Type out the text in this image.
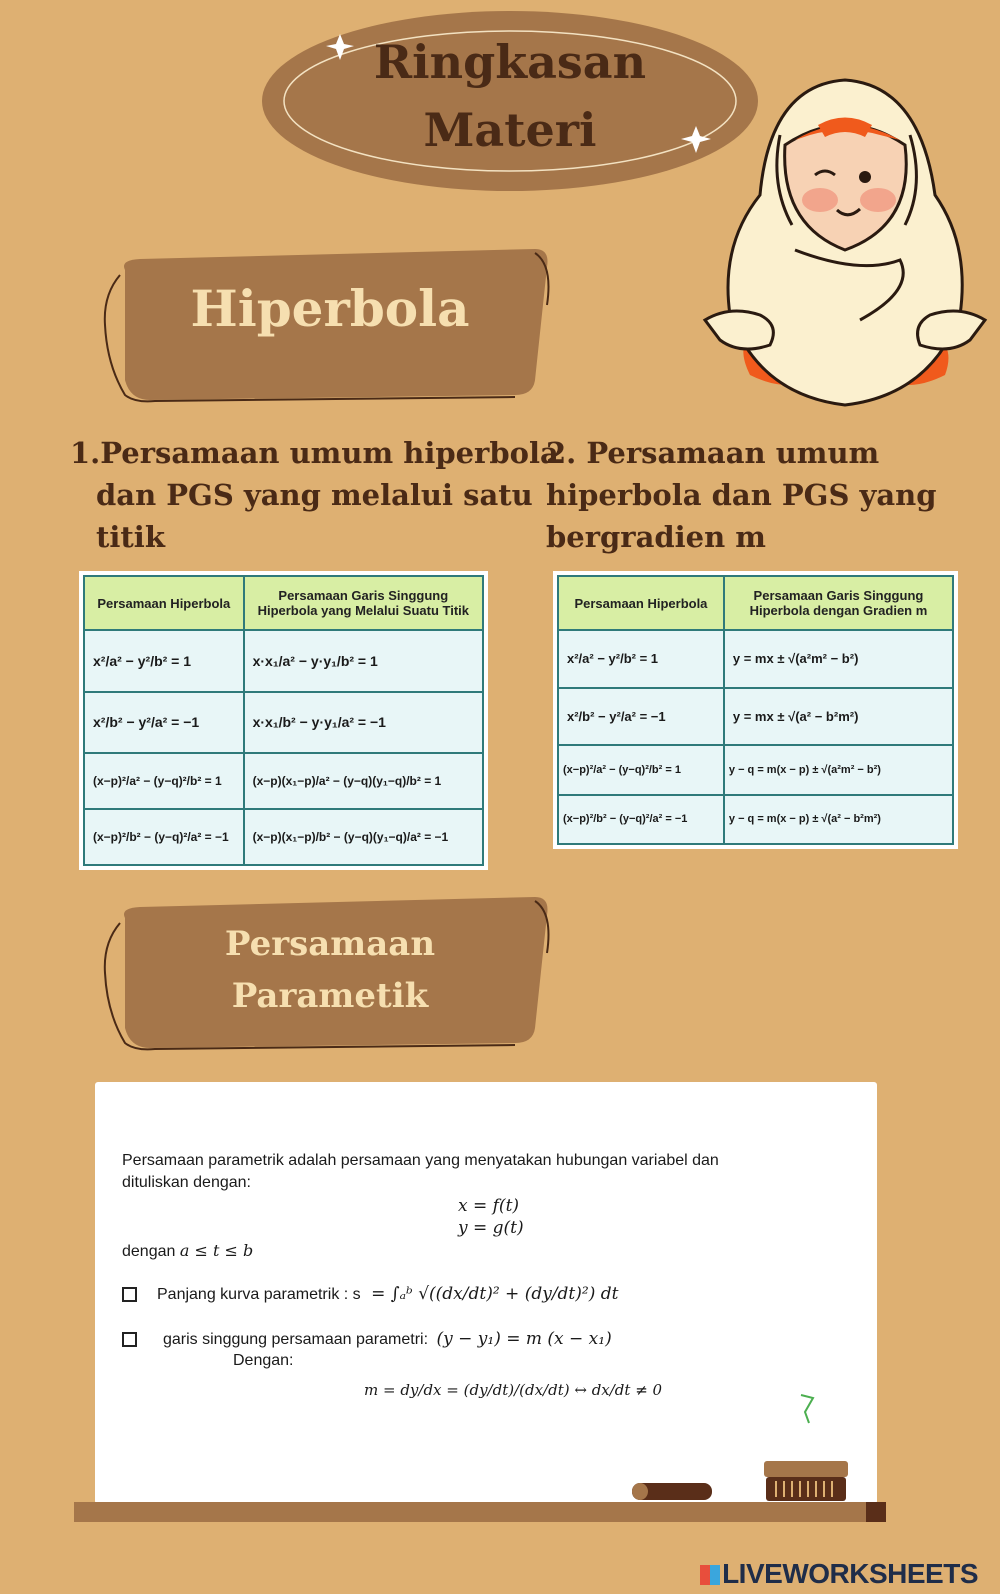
Ringkasan
Materi
Hiperbola
1.Persamaan umum hiperbola
dan PGS yang melalui satu
titik
2. Persamaan umum
hiperbola dan PGS yang
bergradien m
Persamaan Hiperbola	Persamaan Garis Singgung Hiperbola yang Melalui Suatu Titik
x²/a² − y²/b² = 1	x·x₁/a² − y·y₁/b² = 1
x²/b² − y²/a² = −1	x·x₁/b² − y·y₁/a² = −1
(x−p)²/a² − (y−q)²/b² = 1	(x−p)(x₁−p)/a² − (y−q)(y₁−q)/b² = 1
(x−p)²/b² − (y−q)²/a² = −1	(x−p)(x₁−p)/b² − (y−q)(y₁−q)/a² = −1
Persamaan Hiperbola	Persamaan Garis Singgung Hiperbola dengan Gradien m
x²/a² − y²/b² = 1	y = mx ± √(a²m² − b²)
x²/b² − y²/a² = −1	y = mx ± √(a² − b²m²)
(x−p)²/a² − (y−q)²/b² = 1	y − q = m(x − p) ± √(a²m² − b²)
(x−p)²/b² − (y−q)²/a² = −1	y − q = m(x − p) ± √(a² − b²m²)
Persamaan
Parametik
Persamaan parametrik adalah persamaan yang menyatakan hubungan variabel dan
dituliskan dengan:
x = f(t)
y = g(t)
dengan a ≤ t ≤ b
Panjang kurva parametrik : s = ∫ₐᵇ √((dx/dt)² + (dy/dt)²) dt
garis singgung persamaan parametri: (y − y₁) = m (x − x₁)
Dengan:
m = dy/dx = (dy/dt)/(dx/dt) ↔ dx/dt ≠ 0
LIVEWORKSHEETS
